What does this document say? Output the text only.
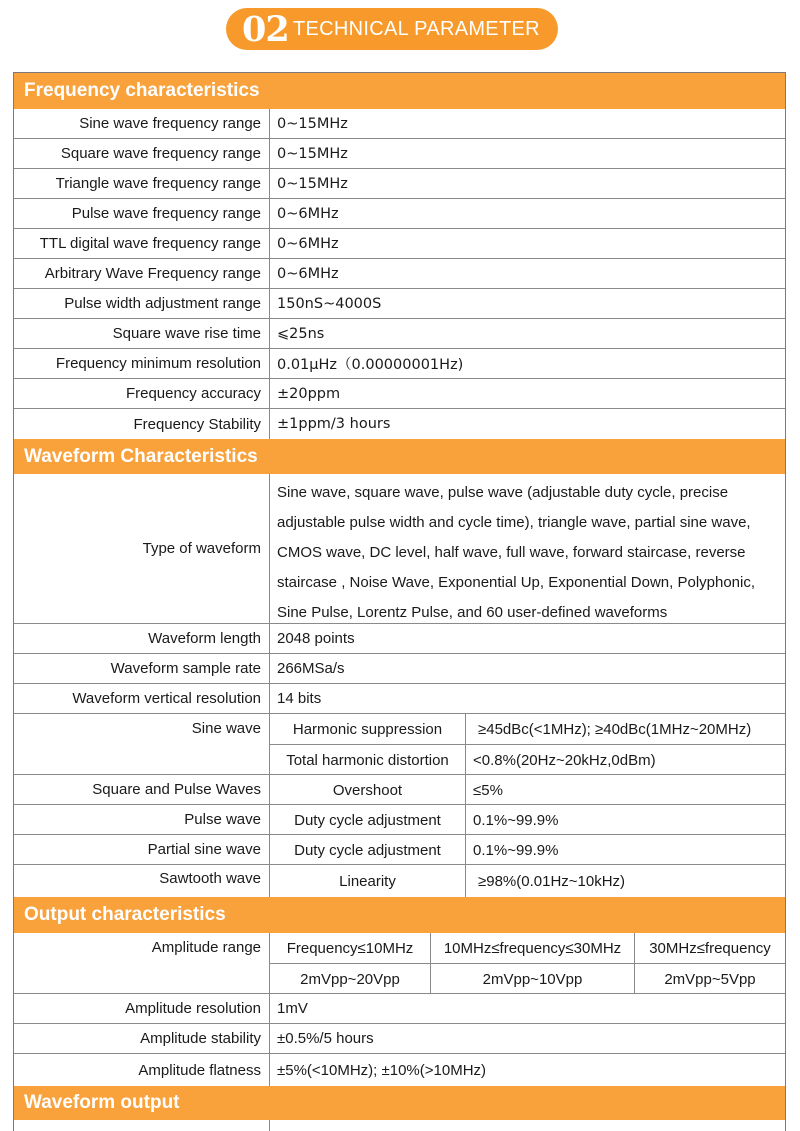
02 TECHNICAL PARAMETER
Frequency characteristics
Sine wave frequency range	0~15MHz
Square wave frequency range	0~15MHz
Triangle wave frequency range	0~15MHz
Pulse wave frequency range	0~6MHz
TTL digital wave frequency range	0~6MHz
Arbitrary Wave Frequency range	0~6MHz
Pulse width adjustment range	150nS~4000S
Square wave rise time	⩽25ns
Frequency minimum resolution	0.01μHz（0.00000001Hz)
Frequency accuracy	±20ppm
Frequency Stability	±1ppm/3 hours
Waveform Characteristics
Type of waveform
Sine wave, square wave, pulse wave (adjustable duty cycle, precise
adjustable pulse width and cycle time), triangle wave, partial sine wave,
CMOS wave, DC level, half wave, full wave, forward staircase, reverse
staircase , Noise Wave, Exponential Up, Exponential Down, Polyphonic,
Sine Pulse, Lorentz Pulse, and 60 user-defined waveforms
Waveform length	2048 points
Waveform sample rate	266MSa/s
Waveform vertical resolution	14 bits
Sine wave	Harmonic suppression	≥45dBc(<1MHz); ≥40dBc(1MHz~20MHz)
Total harmonic distortion	<0.8%(20Hz~20kHz,0dBm)
Square and Pulse Waves	Overshoot	≤5%
Pulse wave	Duty cycle adjustment	0.1%~99.9%
Partial sine wave	Duty cycle adjustment	0.1%~99.9%
Sawtooth wave	Linearity	≥98%(0.01Hz~10kHz)
Output characteristics
Amplitude range	Frequency≤10MHz	10MHz≤frequency≤30MHz	30MHz≤frequency
2mVpp~20Vpp	2mVpp~10Vpp	2mVpp~5Vpp
Amplitude resolution	1mV
Amplitude stability	±0.5%/5 hours
Amplitude flatness	±5%(<10MHz); ±10%(>10MHz)
Waveform output
